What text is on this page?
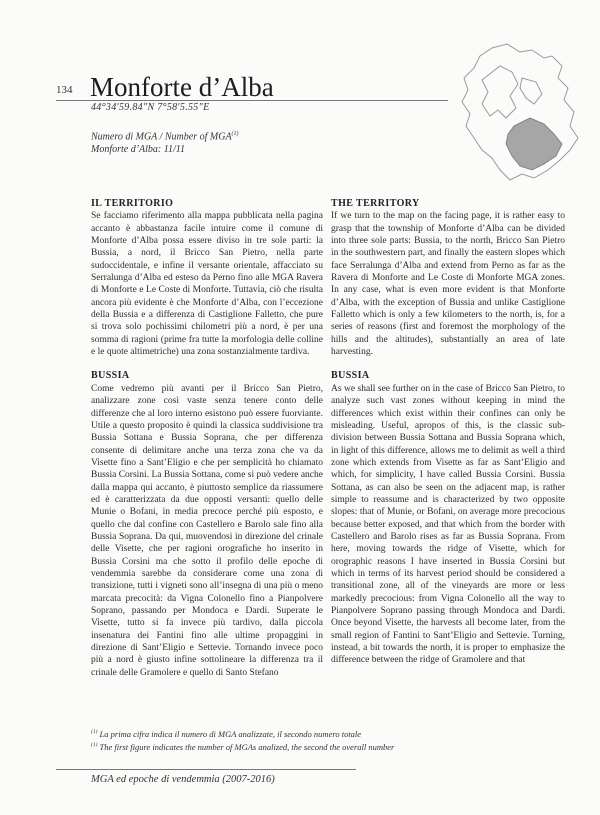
134 Monforte d’Alba
44°34′59.84″N 7°58′5.55″E
Numero di MGA / Number of MGA$^{(1)}$
Monforte d’Alba: 11/11
IL TERRITORIO

Se facciamo riferimento alla mappa pubblicata nella pagina accanto è abbastanza facile intuire come il comune di Monforte d’Alba possa essere diviso in tre sole parti: la Bussia, a nord, il Bricco San Pietro, nella parte sudoccidentale, e infine il versante orientale, affacciato su Serralunga d’Alba ed esteso da Perno fino alle MGA Ravera di Monforte e Le Coste di Monforte. Tuttavia, ciò che risulta ancora più evidente è che Monforte d’Alba, con l’eccezione della Bussia e a differenza di Castiglione Falletto, che pure si trova solo pochissimi chilometri più a nord, è per una somma di ragioni (prime fra tutte la morfologia delle colline e le quote altimetriche) una zona sostanzialmente tardiva.

BUSSIA

Come vedremo più avanti per il Bricco San Pietro, analizzare zone così vaste senza tenere conto delle differenze che al loro interno esistono può essere fuorviante. Utile a questo proposito è quindi la classica suddivisione tra Bussia Sottana e Bussia Soprana, che per differenza consente di delimitare anche una terza zona che va da Visette fino a Sant’Eligio e che per semplicità ho chiamato Bussia Corsini. La Bussia Sottana, come si può vedere anche dalla mappa qui accanto, è piuttosto semplice da riassumere ed è caratterizzata da due opposti versanti: quello delle Munie o Bofani, in media precoce perché più esposto, e quello che dal confine con Castellero e Barolo sale fino alla Bussia Soprana. Da qui, muovendosi in direzione del crinale delle Visette, che per ragioni orografiche ho inserito in Bussia Corsini ma che sotto il profilo delle epoche di vendemmia sarebbe da considerare come una zona di transizione, tutti i vigneti sono all’insegna di una più o meno marcata precocità: da Vigna Colonello fino a Pianpolvere Soprano, passando per Mondoca e Dardi. Superate le Visette, tutto si fa invece più tardivo, dalla piccola insenatura dei Fantini fino alle ultime propaggini in direzione di Sant’Eligio e Settevie. Tornando invece poco più a nord è giusto infine sottolineare la differenza tra il crinale delle Gramolere e quello di Santo Stefano

THE TERRITORY

If we turn to the map on the facing page, it is rather easy to grasp that the township of Monforte d’Alba can be divided into three sole parts: Bussia, to the north, Bricco San Pietro in the southwestern part, and finally the eastern slopes which face Serralunga d’Alba and extend from Perno as far as the Ravera di Monforte and Le Coste di Monforte MGA zones. In any case, what is even more evident is that Monforte d’Alba, with the exception of Bussia and unlike Castiglione Falletto which is only a few kilometers to the north, is, for a series of reasons (first and foremost the morphology of the hills and the altitudes), substantially an area of late harvesting.

BUSSIA

As we shall see further on in the case of Bricco San Pietro, to analyze such vast zones without keeping in mind the differences which exist within their confines can only be misleading. Useful, apropos of this, is the classic sub-division between Bussia Sottana and Bussia Soprana which, in light of this difference, allows me to delimit as well a third zone which extends from Visette as far as Sant’Eligio and which, for simplicity, I have called Bussia Corsini. Bussia Sottana, as can also be seen on the adjacent map, is rather simple to reassume and is characterized by two opposite slopes: that of Munie, or Bofani, on average more precocious because better exposed, and that which from the border with Castellero and Barolo rises as far as Bussia Soprana. From here, moving towards the ridge of Visette, which for orographic reasons I have inserted in Bussia Corsini but which in terms of its harvest period should be considered a transitional zone, all of the vineyards are more or less markedly precocious: from Vigna Colonello all the way to Pianpolvere Soprano passing through Mondoca and Dardi. Once beyond Visette, the harvests all become later, from the small region of Fantini to Sant’Eligio and Settevie. Turning, instead, a bit towards the north, it is proper to emphasize the difference between the ridge of Gramolere and that

$^{(1)}$ La prima cifra indica il numero di MGA analizzate, il secondo numero totale
$^{(1)}$ The first figure indicates the number of MGAs analized, the second the overall number
MGA ed epoche di vendemmia (2007-2016)
